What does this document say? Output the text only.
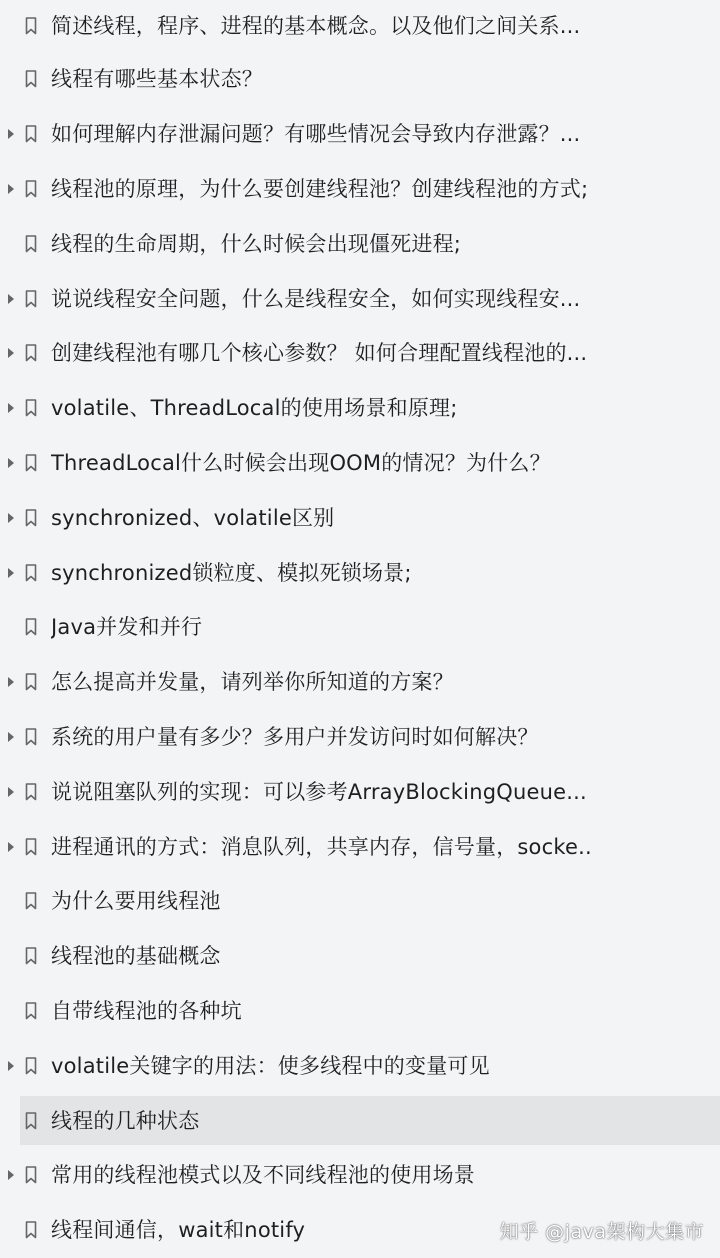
简述线程，程序、进程的基本概念。以及他们之间关系...
线程有哪些基本状态？
如何理解内存泄漏问题？有哪些情况会导致内存泄露？...
线程池的原理，为什么要创建线程池？创建线程池的方式;
线程的生命周期，什么时候会出现僵死进程;
说说线程安全问题，什么是线程安全，如何实现线程安...
创建线程池有哪几个核心参数？ 如何合理配置线程池的...
volatile、ThreadLocal的使用场景和原理;
ThreadLocal什么时候会出现OOM的情况？为什么？
synchronized、volatile区别
synchronized锁粒度、模拟死锁场景;
Java并发和并行
怎么提高并发量，请列举你所知道的方案？
系统的用户量有多少？多用户并发访问时如何解决？
说说阻塞队列的实现：可以参考ArrayBlockingQueue...
进程通讯的方式：消息队列，共享内存，信号量，socke..
为什么要用线程池
线程池的基础概念
自带线程池的各种坑
volatile关键字的用法：使多线程中的变量可见
线程的几种状态
常用的线程池模式以及不同线程池的使用场景
线程间通信，wait和notify	知乎 @java架构大集市
